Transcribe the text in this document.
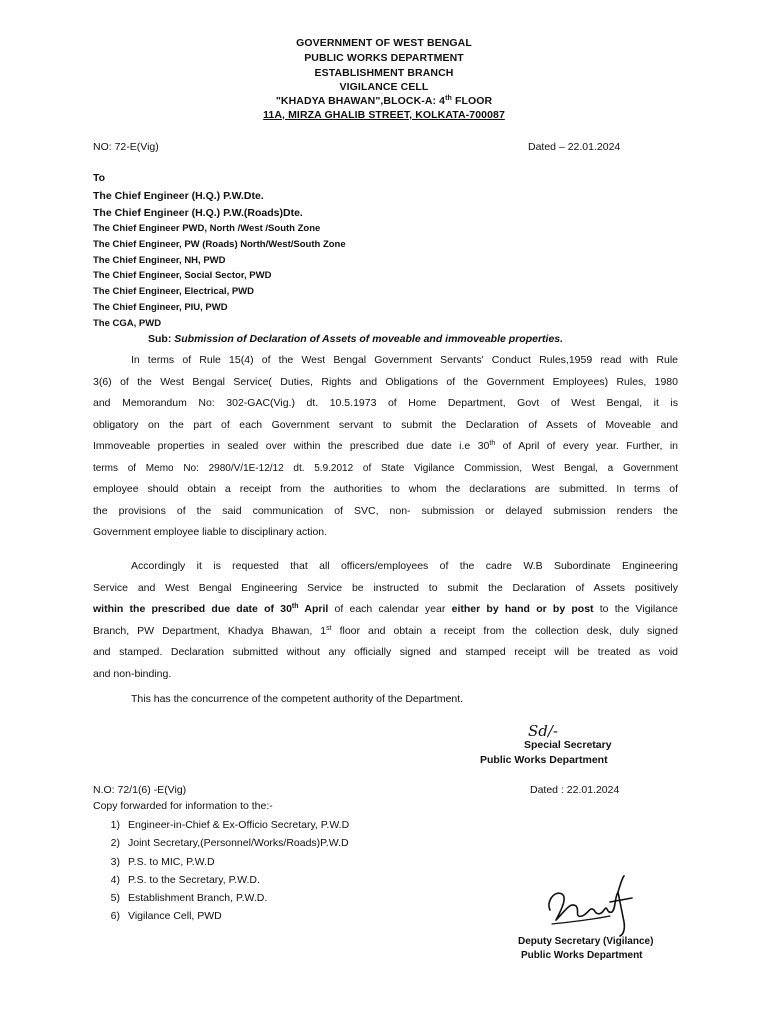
GOVERNMENT OF WEST BENGAL
PUBLIC WORKS DEPARTMENT
ESTABLISHMENT BRANCH
VIGILANCE CELL
"KHADYA BHAWAN",BLOCK-A: 4th FLOOR
11A, MIRZA GHALIB STREET, KOLKATA-700087
NO: 72-E(Vig)	Dated – 22.01.2024
To
The Chief Engineer (H.Q.) P.W.Dte.
The Chief Engineer (H.Q.) P.W.(Roads)Dte.
The Chief Engineer PWD, North /West /South Zone
The Chief Engineer, PW (Roads) North/West/South Zone
The Chief Engineer, NH, PWD
The Chief Engineer, Social Sector, PWD
The Chief Engineer, Electrical, PWD
The Chief Engineer, PIU, PWD
The CGA, PWD
Sub: Submission of Declaration of Assets of moveable and immoveable properties.
In terms of Rule 15(4) of the West Bengal Government Servants' Conduct Rules,1959 read with Rule
3(6) of the West Bengal Service( Duties, Rights and Obligations of the Government Employees) Rules, 1980
and Memorandum No: 302-GAC(Vig.) dt. 10.5.1973 of Home Department, Govt of West Bengal, it is
obligatory on the part of each Government servant to submit the Declaration of Assets of Moveable and
Immoveable properties in sealed over within the prescribed due date i.e 30th of April of every year. Further, in
terms of Memo No: 2980/V/1E-12/12 dt. 5.9.2012 of State Vigilance Commission, West Bengal, a Government
employee should obtain a receipt from the authorities to whom the declarations are submitted. In terms of
the provisions of the said communication of SVC, non- submission or delayed submission renders the
Government employee liable to disciplinary action.
Accordingly it is requested that all officers/employees of the cadre W.B Subordinate Engineering
Service and West Bengal Engineering Service be instructed to submit the Declaration of Assets positively
within the prescribed due date of 30th April of each calendar year either by hand or by post to the Vigilance
Branch, PW Department, Khadya Bhawan, 1st floor and obtain a receipt from the collection desk, duly signed
and stamped. Declaration submitted without any officially signed and stamped receipt will be treated as void
and non-binding.
This has the concurrence of the competent authority of the Department.
Sd/-
Special Secretary
Public Works Department
N.O: 72/1(6) -E(Vig)	Dated : 22.01.2024
Copy forwarded for information to the:-
1) Engineer-in-Chief & Ex-Officio Secretary, P.W.D
2) Joint Secretary,(Personnel/Works/Roads)P.W.D
3) P.S. to MIC, P.W.D
4) P.S. to the Secretary, P.W.D.
5) Establishment Branch, P.W.D.
6) Vigilance Cell, PWD
Deputy Secretary (Vigilance)
Public Works Department
